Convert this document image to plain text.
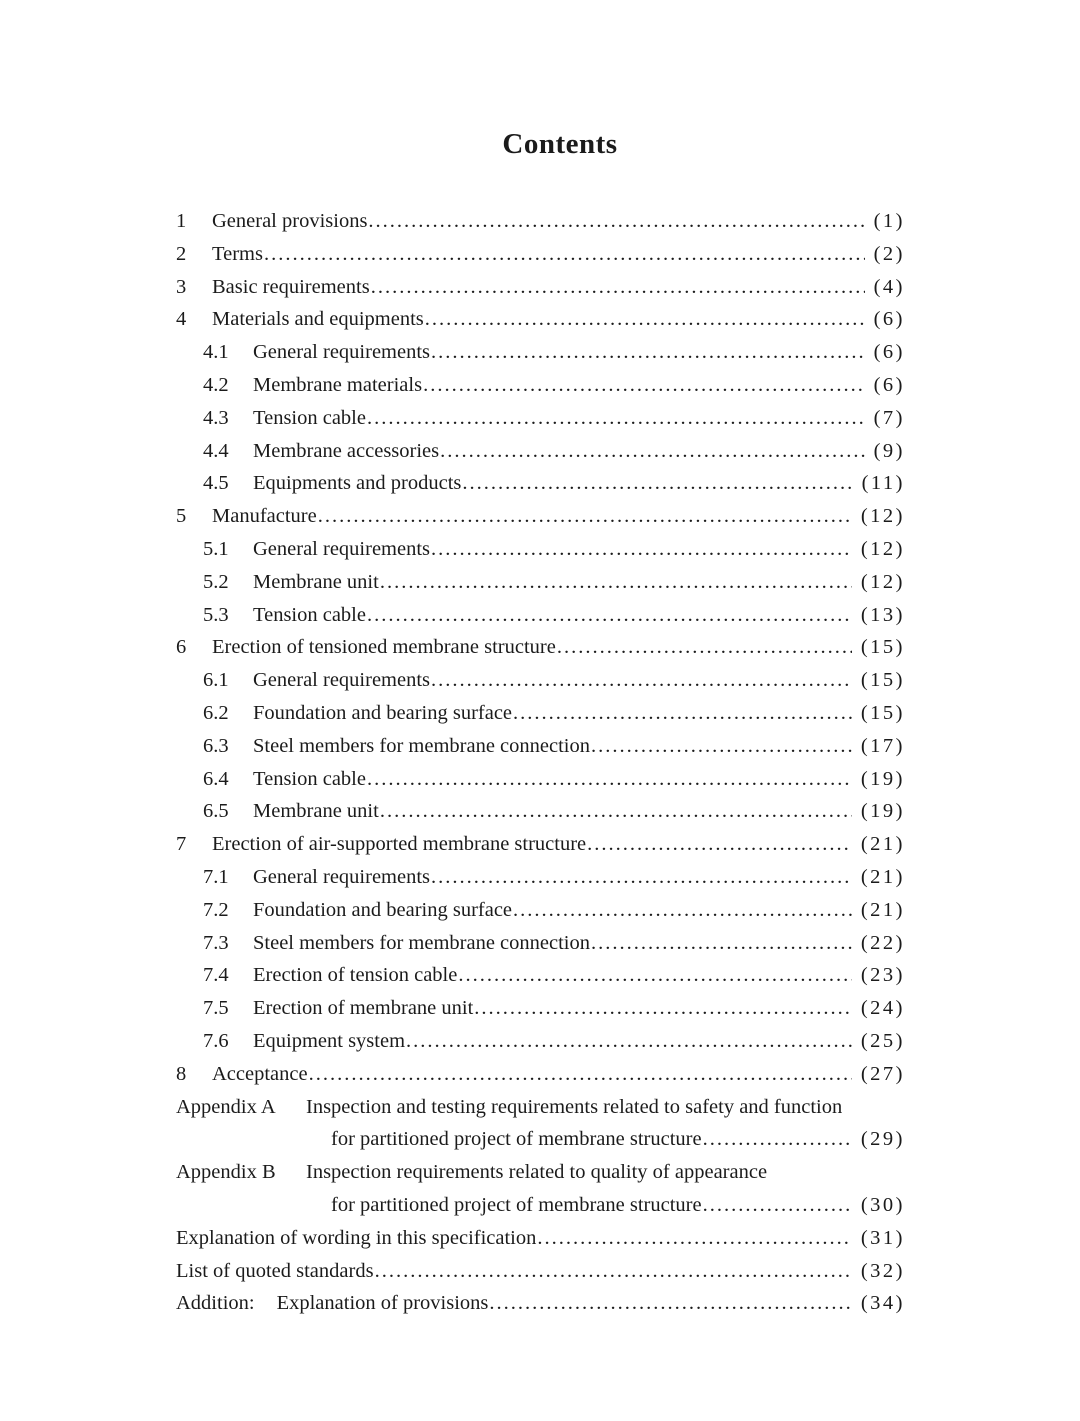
Contents
1	General provisions .....	(1)
2	Terms .....	(2)
3	Basic requirements .....	(4)
4	Materials and equipments .....	(6)
4.1	General requirements .....	(6)
4.2	Membrane materials .....	(6)
4.3	Tension cable .....	(7)
4.4	Membrane accessories .....	(9)
4.5	Equipments and products .....	(11)
5	Manufacture .....	(12)
5.1	General requirements .....	(12)
5.2	Membrane unit .....	(12)
5.3	Tension cable .....	(13)
6	Erection of tensioned membrane structure .....	(15)
6.1	General requirements .....	(15)
6.2	Foundation and bearing surface .....	(15)
6.3	Steel members for membrane connection .....	(17)
6.4	Tension cable .....	(19)
6.5	Membrane unit .....	(19)
7	Erection of air-supported membrane structure .....	(21)
7.1	General requirements .....	(21)
7.2	Foundation and bearing surface .....	(21)
7.3	Steel members for membrane connection .....	(22)
7.4	Erection of tension cable .....	(23)
7.5	Erection of membrane unit .....	(24)
7.6	Equipment system .....	(25)
8	Acceptance .....	(27)
Appendix A	Inspection and testing requirements related to safety and function
for partitioned project of membrane structure .....	(29)
Appendix B	Inspection requirements related to quality of appearance
for partitioned project of membrane structure .....	(30)
Explanation of wording in this specification .....	(31)
List of quoted standards .....	(32)
Addition: Explanation of provisions .....	(34)
